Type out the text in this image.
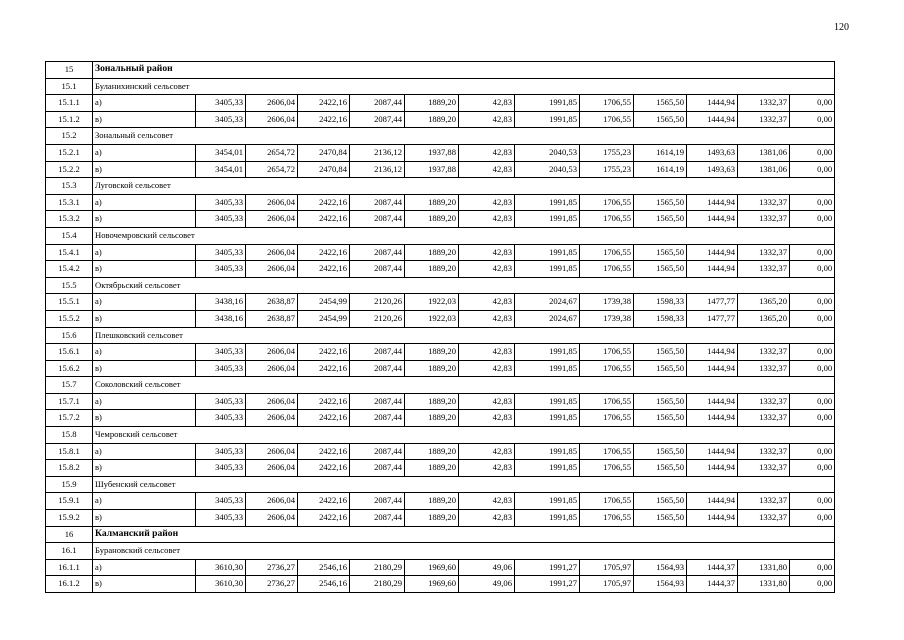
120
15	Зональный район												
15.1	Буланихинский сельсовет												
15.1.1	а)	3405,33	2606,04	2422,16	2087,44	1889,20	42,83	1991,85	1706,55	1565,50	1444,94	1332,37	0,00
15.1.2	в)	3405,33	2606,04	2422,16	2087,44	1889,20	42,83	1991,85	1706,55	1565,50	1444,94	1332,37	0,00
15.2	Зональный сельсовет												
15.2.1	а)	3454,01	2654,72	2470,84	2136,12	1937,88	42,83	2040,53	1755,23	1614,19	1493,63	1381,06	0,00
15.2.2	в)	3454,01	2654,72	2470,84	2136,12	1937,88	42,83	2040,53	1755,23	1614,19	1493,63	1381,06	0,00
15.3	Луговской сельсовет												
15.3.1	а)	3405,33	2606,04	2422,16	2087,44	1889,20	42,83	1991,85	1706,55	1565,50	1444,94	1332,37	0,00
15.3.2	в)	3405,33	2606,04	2422,16	2087,44	1889,20	42,83	1991,85	1706,55	1565,50	1444,94	1332,37	0,00
15.4	Новочемровский сельсовет												
15.4.1	а)	3405,33	2606,04	2422,16	2087,44	1889,20	42,83	1991,85	1706,55	1565,50	1444,94	1332,37	0,00
15.4.2	в)	3405,33	2606,04	2422,16	2087,44	1889,20	42,83	1991,85	1706,55	1565,50	1444,94	1332,37	0,00
15.5	Октябрьский сельсовет												
15.5.1	а)	3438,16	2638,87	2454,99	2120,26	1922,03	42,83	2024,67	1739,38	1598,33	1477,77	1365,20	0,00
15.5.2	в)	3438,16	2638,87	2454,99	2120,26	1922,03	42,83	2024,67	1739,38	1598,33	1477,77	1365,20	0,00
15.6	Плешковский сельсовет												
15.6.1	а)	3405,33	2606,04	2422,16	2087,44	1889,20	42,83	1991,85	1706,55	1565,50	1444,94	1332,37	0,00
15.6.2	в)	3405,33	2606,04	2422,16	2087,44	1889,20	42,83	1991,85	1706,55	1565,50	1444,94	1332,37	0,00
15.7	Соколовский сельсовет												
15.7.1	а)	3405,33	2606,04	2422,16	2087,44	1889,20	42,83	1991,85	1706,55	1565,50	1444,94	1332,37	0,00
15.7.2	в)	3405,33	2606,04	2422,16	2087,44	1889,20	42,83	1991,85	1706,55	1565,50	1444,94	1332,37	0,00
15.8	Чемровский сельсовет												
15.8.1	а)	3405,33	2606,04	2422,16	2087,44	1889,20	42,83	1991,85	1706,55	1565,50	1444,94	1332,37	0,00
15.8.2	в)	3405,33	2606,04	2422,16	2087,44	1889,20	42,83	1991,85	1706,55	1565,50	1444,94	1332,37	0,00
15.9	Шубенский сельсовет												
15.9.1	а)	3405,33	2606,04	2422,16	2087,44	1889,20	42,83	1991,85	1706,55	1565,50	1444,94	1332,37	0,00
15.9.2	в)	3405,33	2606,04	2422,16	2087,44	1889,20	42,83	1991,85	1706,55	1565,50	1444,94	1332,37	0,00
16	Калманский район												
16.1	Бурановский сельсовет												
16.1.1	а)	3610,30	2736,27	2546,16	2180,29	1969,60	49,06	1991,27	1705,97	1564,93	1444,37	1331,80	0,00
16.1.2	в)	3610,30	2736,27	2546,16	2180,29	1969,60	49,06	1991,27	1705,97	1564,93	1444,37	1331,80	0,00
